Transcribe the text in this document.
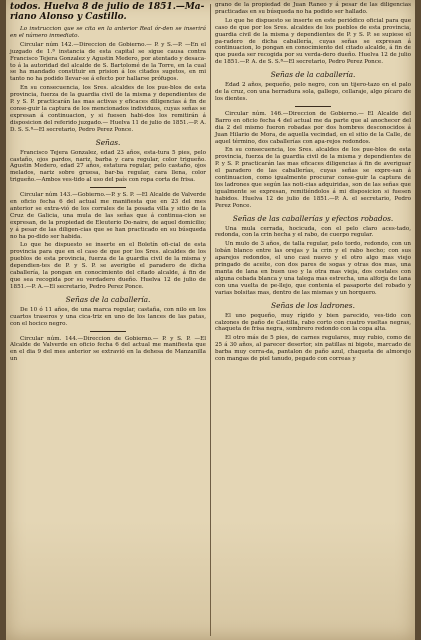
todos. Huelva 8 de julio de 1851.—Ma-riano Alonso y Castillo.

Lo instruccion que se cita en la anterior Real ór-den se inserirá en el número inmediato.

Circular núm 142.—Direccion de Gobierno.— P. y S.—P. —En el juzgado de 1.ª instancia de esta capital se sigue causa contra Francisco Tejera Gonzalez y Agustin Medero, por atentado y desaca-to á la autoridad del alcalde de S. Bartolomé de la Torre, en la cual se ha mandado constituir en prision á los citados sugetos, en mi tanto no ha podido llevar-se á efecto por hallarse prófugos.

En su consecuencia, los Sres. alcaldes de los pue-blos de esta provincia, fuerza de la guardia civil de la misma y dependientes de P. y S. P. practicarán las mas activas y eficaces diligencias á fin de conse-guir la captura de los mencionados individuos, cuyas señas se expresan á continuacion, y si fuesen habi-dos los remitirán á disposicion del referido juzgado.— Huelva 11 de julio de 1851.—P. A. D. S. S.ª—El secretario, Pedro Perez Ponce.

Señas.

Francisco Tejera Gonzalez, edad 23 años, esta-tura 5 pies, pelo castaño, ojos pardos, nariz, barba y cara regular, color trigueño. Agustin Medero, edad 27 años, estatura regular, pelo castaño, ojos melados, nariz sobre gruesa, bar-ba regular, cara llena, color trigueño.—Ambos ves-tido al uso del país con ropa corta de frisa.

Circular núm 143.—Gobierno.—P. y S. P. —El Alcalde de Valverde en oficio fecha 6 del actual me manifiesta que en 23 del mes anterior se extra-vió de los corrales de la posada villa y sitio de la Cruz de Galicia, una mula de las señas que á continua-cion se expresan, de la propiedad de Eleuterio Do-naire, de aquel domicilio; y á pesar de las diligen-cias que se han practicado en su búsqueda no ha po-dido ser habida.

Lo que he dispuesto se inserte en el Boletín ofi-cial de esta provincia para que en el caso de que por los Sres. alcaldes de los pueblos de esta provincia, fuerza de la guardia civil de la misma y dependien-tes de P. y S. P. se averigüe el paradero de dicha caballería, la pongan en conocimiento del citado alcalde, á fin de que sea recogida por su verdadero dueño. Huelva 12 de julio de 1851.—P. A.—El secretario, Pedro Perez Ponce.

Señas de la caballería.

De 10 ó 11 años, de una marca regular, castaña, con nilo en los cuartos traseros y una cica-triz en uno de los lances de las patas, con el hocico negro.

Circular núm. 144.—Direccion de Gobierno.— P. y S. P. —El Alcalde de Valverde en oficio fecha 6 del actual me manifiesta que en el dia 9 del mes anterior se extravió en la dehesa de Manzanilla un

grano de la propiedad de Juan Raneo y á pesar de las diligencias practicadas en su búsqueda no ha podido ser hallado.

Lo que he dispuesto se inserte en este periódico oficial para que caso de que por los Sres. alcaldes de los pueblos de esta provincia, guardia civil de la misma y dependientes de P. y S. P. se supiese el pa-radero de dicha caballería, cuyas señas se expresan á continuacion, lo pongan en conocimiento del citado alcalde, á fin de que pueda ser recogida por su verda-dero dueño. Huelva 12 de julio de 1851.—P. A. de S. S.ª—El secretario, Pedro Perez Ponce.

Señas de la caballería.

Edad 2 años, pequeño, pelo negro, con un tijero-tazo en el palo de la cruz, con una herradura sola, gallego, cellaraje, algo pícaro de los dientes.

Circular núm. 146.—Direccion de Gobierno.— El Alcalde del Barro en oficio fecha 4 del actual me da parte que al anochecer del dia 2 del mismo fueron robadas por dos hombres desconocidos á Juan Hilario de Mora, de aquella vecindad, en el sitio de la Calle, de aquel término, dos caballerías con apa-rejos redondos.

En su consecuencia, los Sres. alcaldes de los pue-blos de esta provincia, fuerza de la guardia civil de la misma y dependientes de P. y S. P. practicarán las mas eficaces diligencias á fin de averiguar el paradero de las caballerías, cuyas señas se expre-san á continuacion, como igualmente procurar conse-guir la captura de los ladrones que según las noti-cias adquiridas, son de las señas que igualmente se expresan, remitiéndolos á mi disposicion si fuesen habidos. Huelva 12 de julio de 1851.—P. A. el secretario, Pedro Perez Ponce.

Señas de las caballerías y efectos robados.

Una mula cerrada, hocicuda, con el pelo claro aces-tado, redonda, con la crin hecha y el rabo, de cuerpo regular.

Un mulo de 3 años, de talla regular, pelo tordo, redondo, con un lobán blanco entre las orejas y la crin y el rabo hecho; con sus aparejos redondos, el uno casi nuevo y el otro algo mas viejo pringado de aceite, con dos pares de sogas y otras dos mas, una manta de lana en buen uso y la otra mas vieja, dos costales con alguna cebada blanca y una talega mas estrecha, una alforja de lana con una vuelta de pe-llejo, que contenia el pasaporte del robado y varias bolsitas mas, dentro de las mismas y un horquero.

Señas de los ladrones.

El uno pequeño, muy rígido y bien parecido, ves-tido con calzones de paño de Castilla, rabo corto con cuatro vueltas negras, chaqueta de frisa negra, sombrero redondo con la copa alta.

El otro más de 5 pies, de carnes regulares, muy rubio, como de 25 á 30 años, al parecer desertor, sin patillas ni bigote, marcado de barba muy cerra-da, pantalon de paño azul, chaqueta de almorejo con mangas de piel tanudo, pegado con correas y
